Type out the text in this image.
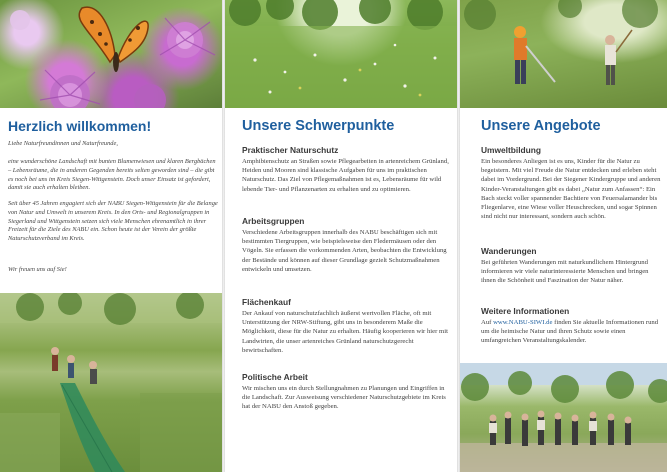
Herzlich willkommen!

Liebe Naturfreundinnen und Naturfreunde,

eine wunderschöne Landschaft mit bunten Blumenwiesen und klaren Bergbächen – Lebensräume, die in anderen Gegenden bereits selten geworden sind – die gibt es noch bei uns im Kreis Siegen-Wittgenstein. Doch unser Einsatz ist gefordert, damit sie auch erhalten bleiben.

Seit über 45 Jahren engagiert sich der NABU Siegen-Wittgenstein für die Belange von Natur und Umwelt in unserem Kreis. In den Orts- und Regionalgruppen in Siegerland und Wittgenstein setzen sich viele Menschen ehrenamtlich in ihrer Freizeit für die Ziele des NABU ein. Schon heute ist der Verein der größte Naturschutzverband im Kreis.

Wir freuen uns auf Sie!

Unsere Schwerpunkte
Praktischer Naturschutz

Amphibienschutz an Straßen sowie Pflegearbeiten in artenreichem Grünland, Heiden und Mooren sind klassische Aufgaben für uns im praktischen Naturschutz. Das Ziel von Pflegemaßnahmen ist es, Lebensräume für wild lebende Tier- und Pflanzenarten zu erhalten und zu optimieren.

Arbeitsgruppen

Verschiedene Arbeitsgruppen innerhalb des NABU beschäftigen sich mit bestimmten Tiergruppen, wie beispielsweise den Fledermäusen oder den Vögeln. Sie erfassen die vorkommenden Arten, beobachten die Entwicklung der Bestände und können auf dieser Grundlage gezielt Schutzmaßnahmen entwickeln und umsetzen.

Flächenkauf

Der Ankauf von naturschutzfachlich äußerst wertvollen Fläche, oft mit Unterstützung der NRW-Stiftung, gibt uns in besonderem Maße die Möglichkeit, diese für die Natur zu erhalten. Häufig kooperieren wir hier mit Landwirten, die unser artenreiches Grünland naturschutzgerecht bewirtschaften.

Politische Arbeit

Wir mischen uns ein durch Stellungnahmen zu Planungen und Eingriffen in die Landschaft. Zur Ausweisung verschiedener Naturschutzgebiete im Kreis hat der NABU den Anstoß gegeben.

Unsere Angebote
Umweltbildung

Ein besonderes Anliegen ist es uns, Kinder für die Natur zu begeistern. Mit viel Freude die Natur entdecken und erleben steht dabei im Vordergrund. Bei der Siegener Kindergruppe und anderen Kinder-Veranstaltungen gibt es dabei „Natur zum Anfassen“: Ein Bach steckt voller spannender Bachtiere von Feuersalamander bis Fliegenlarve, eine Wiese voller Heuschrecken, und sogar Spinnen sind nicht nur interessant, sondern auch schön.

Wanderungen

Bei geführten Wanderungen mit naturkundlichem Hintergrund informieren wir viele naturinteressierte Menschen und bringen ihnen die Schönheit und Faszination der Natur näher.

Weitere Informationen

Auf www.NABU-SIWI.de finden Sie aktuelle Informationen rund um die heimische Natur und ihren Schutz sowie einen umfangreichen Veranstaltungskalender.
